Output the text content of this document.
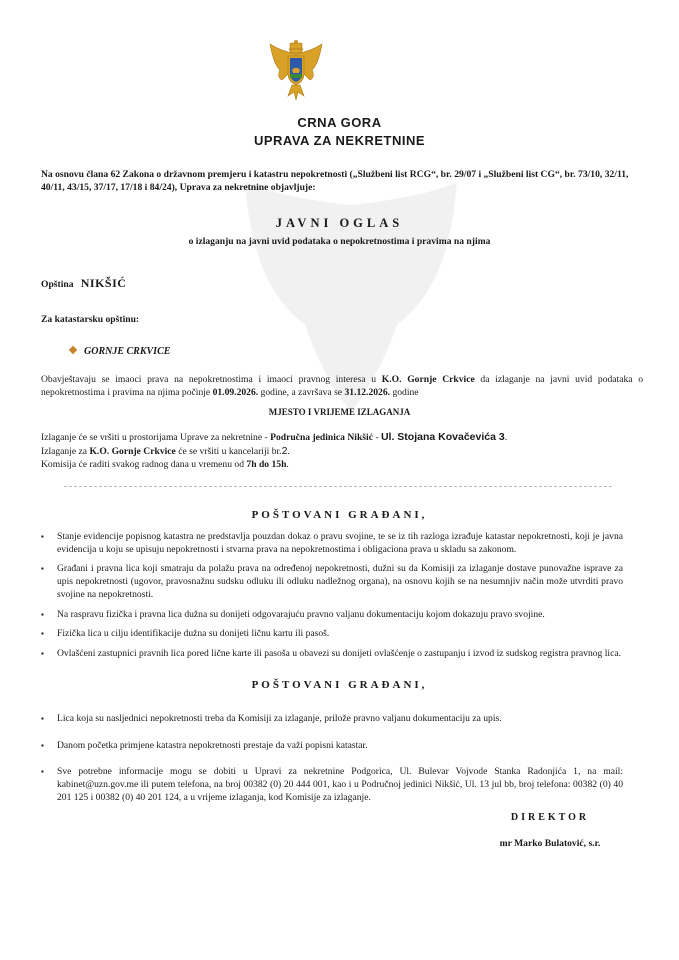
CRNA GORA
UPRAVA ZA NEKRETNINE
Na osnovu člana 62 Zakona o državnom premjeru i katastru nepokretnosti („Službeni list RCG“, br. 29/07 i „Službeni list CG“, br. 73/10, 32/11, 40/11, 43/15, 37/17, 17/18 i 84/24), Uprava za nekretnine objavljuje:
JAVNI OGLAS
o izlaganju na javni uvid podataka o nepokretnostima i pravima na njima
Opština NIKŠIĆ
Za katastarsku opštinu:
GORNJE CRKVICE
Obavještavaju se imaoci prava na nepokretnostima i imaoci pravnog interesa u K.O. Gornje Crkvice da izlaganje na javni uvid podataka o nepokretnostima i pravima na njima počinje 01.09.2026. godine, a završava se 31.12.2026. godine
MJESTO I VRIJEME IZLAGANJA
Izlaganje će se vršiti u prostorijama Uprave za nekretnine - Područna jedinica Nikšić - Ul. Stojana Kovačevića 3.
Izlaganje za K.O. Gornje Crkvice će se vršiti u kancelariji br.2.
Komisija će raditi svakog radnog dana u vremenu od 7h do 15h.
POŠTOVANI GRAĐANI,
▪ Stanje evidencije popisnog katastra ne predstavlja pouzdan dokaz o pravu svojine, te se iz tih razloga izrađuje katastar nepokretnosti, koji je javna evidencija u koju se upisuju nepokretnosti i stvarna prava na nepokretnostima i obligaciona prava u skladu sa zakonom.
▪ Građani i pravna lica koji smatraju da polažu prava na određenoj nepokretnosti, dužni su da Komisiji za izlaganje dostave punovažne isprave za upis nepokretnosti (ugovor, pravosnažnu sudsku odluku ili odluku nadležnog organa), na osnovu kojih se na nesumnjiv način može utvrditi pravo svojine na nepokretnosti.
▪ Na raspravu fizička i pravna lica dužna su donijeti odgovarajuću pravno valjanu dokumentaciju kojom dokazuju pravo svojine.
▪ Fizička lica u cilju identifikacije dužna su donijeti ličnu kartu ili pasoš.
▪ Ovlašćeni zastupnici pravnih lica pored lične karte ili pasoša u obavezi su donijeti ovlašćenje o zastupanju i izvod iz sudskog registra pravnog lica.
POŠTOVANI GRAĐANI,
▪ Lica koja su nasljednici nepokretnosti treba da Komisiji za izlaganje, prilože pravno valjanu dokumentaciju za upis.
▪ Danom početka primjene katastra nepokretnosti prestaje da važi popisni katastar.
▪ Sve potrebne informacije mogu se dobiti u Upravi za nekretnine Podgorica, Ul. Bulevar Vojvode Stanka Radonjića 1, na mail: kabinet@uzn.gov.me ili putem telefona, na broj 00382 (0) 20 444 001, kao i u Područnoj jedinici Nikšić, Ul. 13 jul bb, broj telefona: 00382 (0) 40 201 125 i 00382 (0) 40 201 124, a u vrijeme izlaganja, kod Komisije za izlaganje.
DIREKTOR
mr Marko Bulatović, s.r.
